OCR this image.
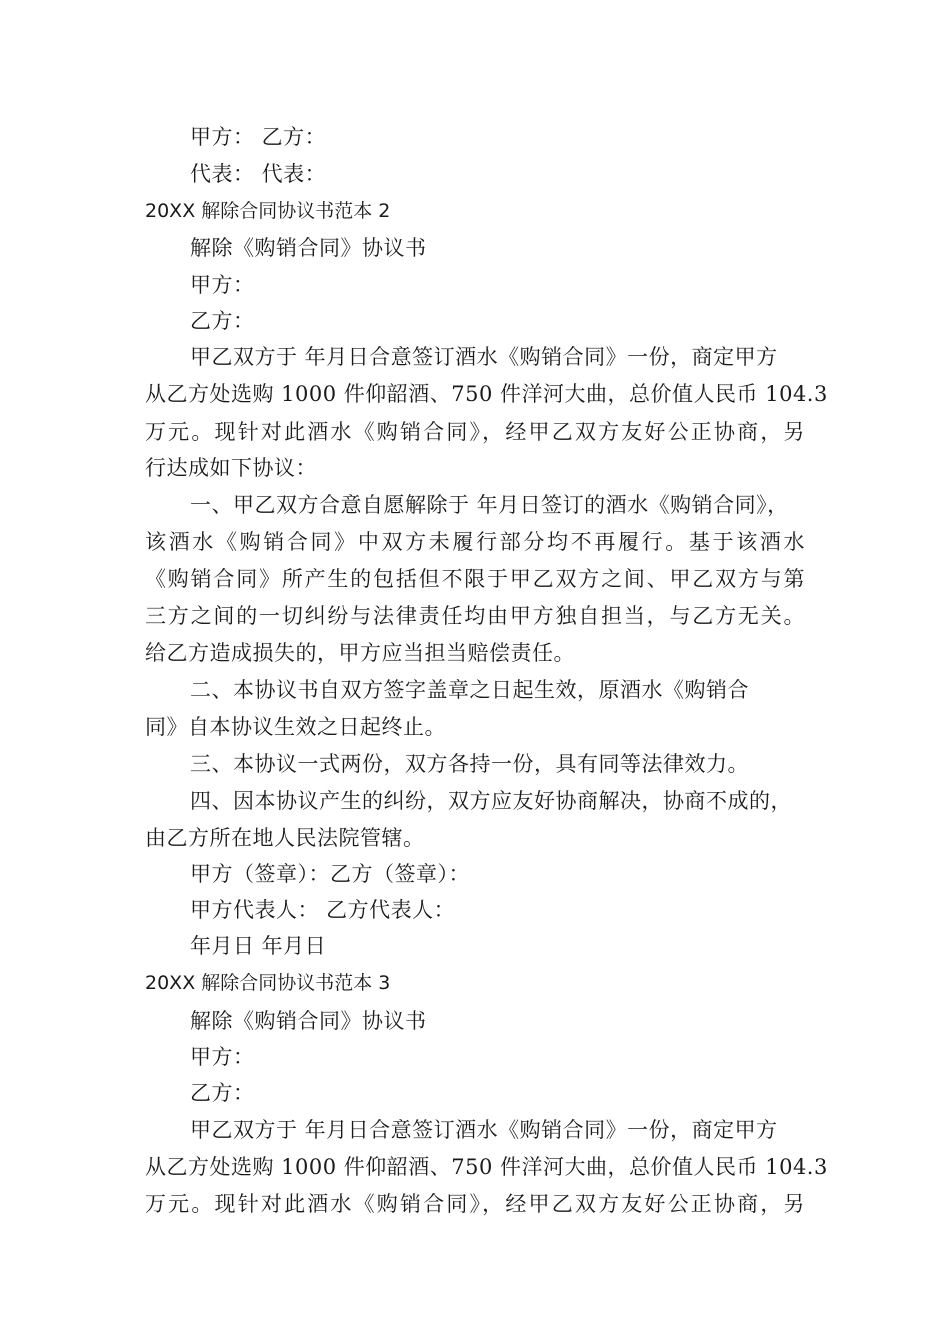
甲方： 乙方：
代表： 代表：
20XX 解除合同协议书范本 2
解除《购销合同》协议书
甲方：
乙方：
甲乙双方于 年月日合意签订酒水《购销合同》一份，商定甲方
从乙方处选购 1000 件仰韶酒、750 件洋河大曲，总价值人民币 104.3
万元。现针对此酒水《购销合同》，经甲乙双方友好公正协商，另
行达成如下协议：
一、甲乙双方合意自愿解除于 年月日签订的酒水《购销合同》，
该酒水《购销合同》中双方未履行部分均不再履行。基于该酒水
《购销合同》所产生的包括但不限于甲乙双方之间、甲乙双方与第
三方之间的一切纠纷与法律责任均由甲方独自担当，与乙方无关。
给乙方造成损失的，甲方应当担当赔偿责任。
二、本协议书自双方签字盖章之日起生效，原酒水《购销合
同》自本协议生效之日起终止。
三、本协议一式两份，双方各持一份，具有同等法律效力。
四、因本协议产生的纠纷，双方应友好协商解决，协商不成的，
由乙方所在地人民法院管辖。
甲方（签章）：乙方（签章）：
甲方代表人： 乙方代表人：
年月日 年月日
20XX 解除合同协议书范本 3
解除《购销合同》协议书
甲方：
乙方：
甲乙双方于 年月日合意签订酒水《购销合同》一份，商定甲方
从乙方处选购 1000 件仰韶酒、750 件洋河大曲，总价值人民币 104.3
万元。现针对此酒水《购销合同》，经甲乙双方友好公正协商，另
